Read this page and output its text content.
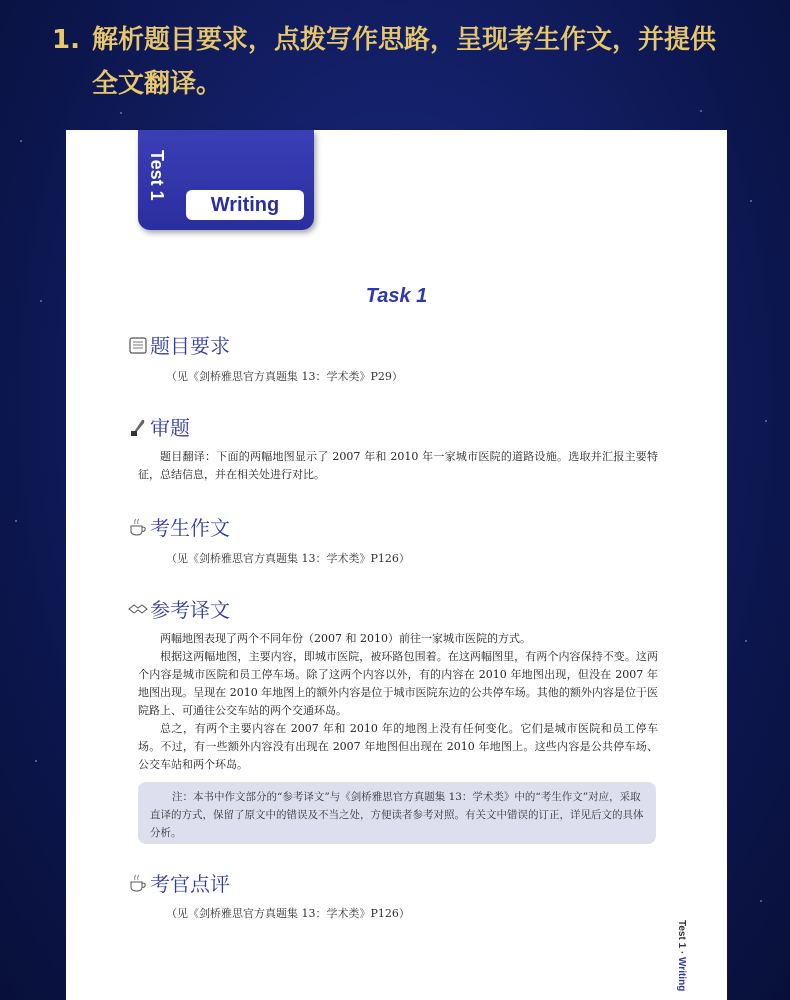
1. 解析题目要求，点拨写作思路，呈现考生作文，并提供
全文翻译。
Test 1
Writing
Task 1
题目要求
（见《剑桥雅思官方真题集 13：学术类》P29）
审题

题目翻译：下面的两幅地图显示了 2007 年和 2010 年一家城市医院的道路设施。选取并汇报主要特征，总结信息，并在相关处进行对比。

考生作文
（见《剑桥雅思官方真题集 13：学术类》P126）
参考译文

两幅地图表现了两个不同年份（2007 和 2010）前往一家城市医院的方式。

根据这两幅地图，主要内容，即城市医院，被环路包围着。在这两幅图里，有两个内容保持不变。这两个内容是城市医院和员工停车场。除了这两个内容以外，有的内容在 2010 年地图出现，但没在 2007 年地图出现。呈现在 2010 年地图上的额外内容是位于城市医院东边的公共停车场。其他的额外内容是位于医院路上、可通往公交车站的两个交通环岛。

总之，有两个主要内容在 2007 年和 2010 年的地图上没有任何变化。它们是城市医院和员工停车场。不过，有一些额外内容没有出现在 2007 年地图但出现在 2010 年地图上。这些内容是公共停车场、公交车站和两个环岛。

注：本书中作文部分的“参考译文”与《剑桥雅思官方真题集 13：学术类》中的“考生作文”对应，采取直译的方式，保留了原文中的错误及不当之处，方便读者参考对照。有关文中错误的订正，详见后文的具体分析。

考官点评
（见《剑桥雅思官方真题集 13：学术类》P126）
Test 1 · Writing
